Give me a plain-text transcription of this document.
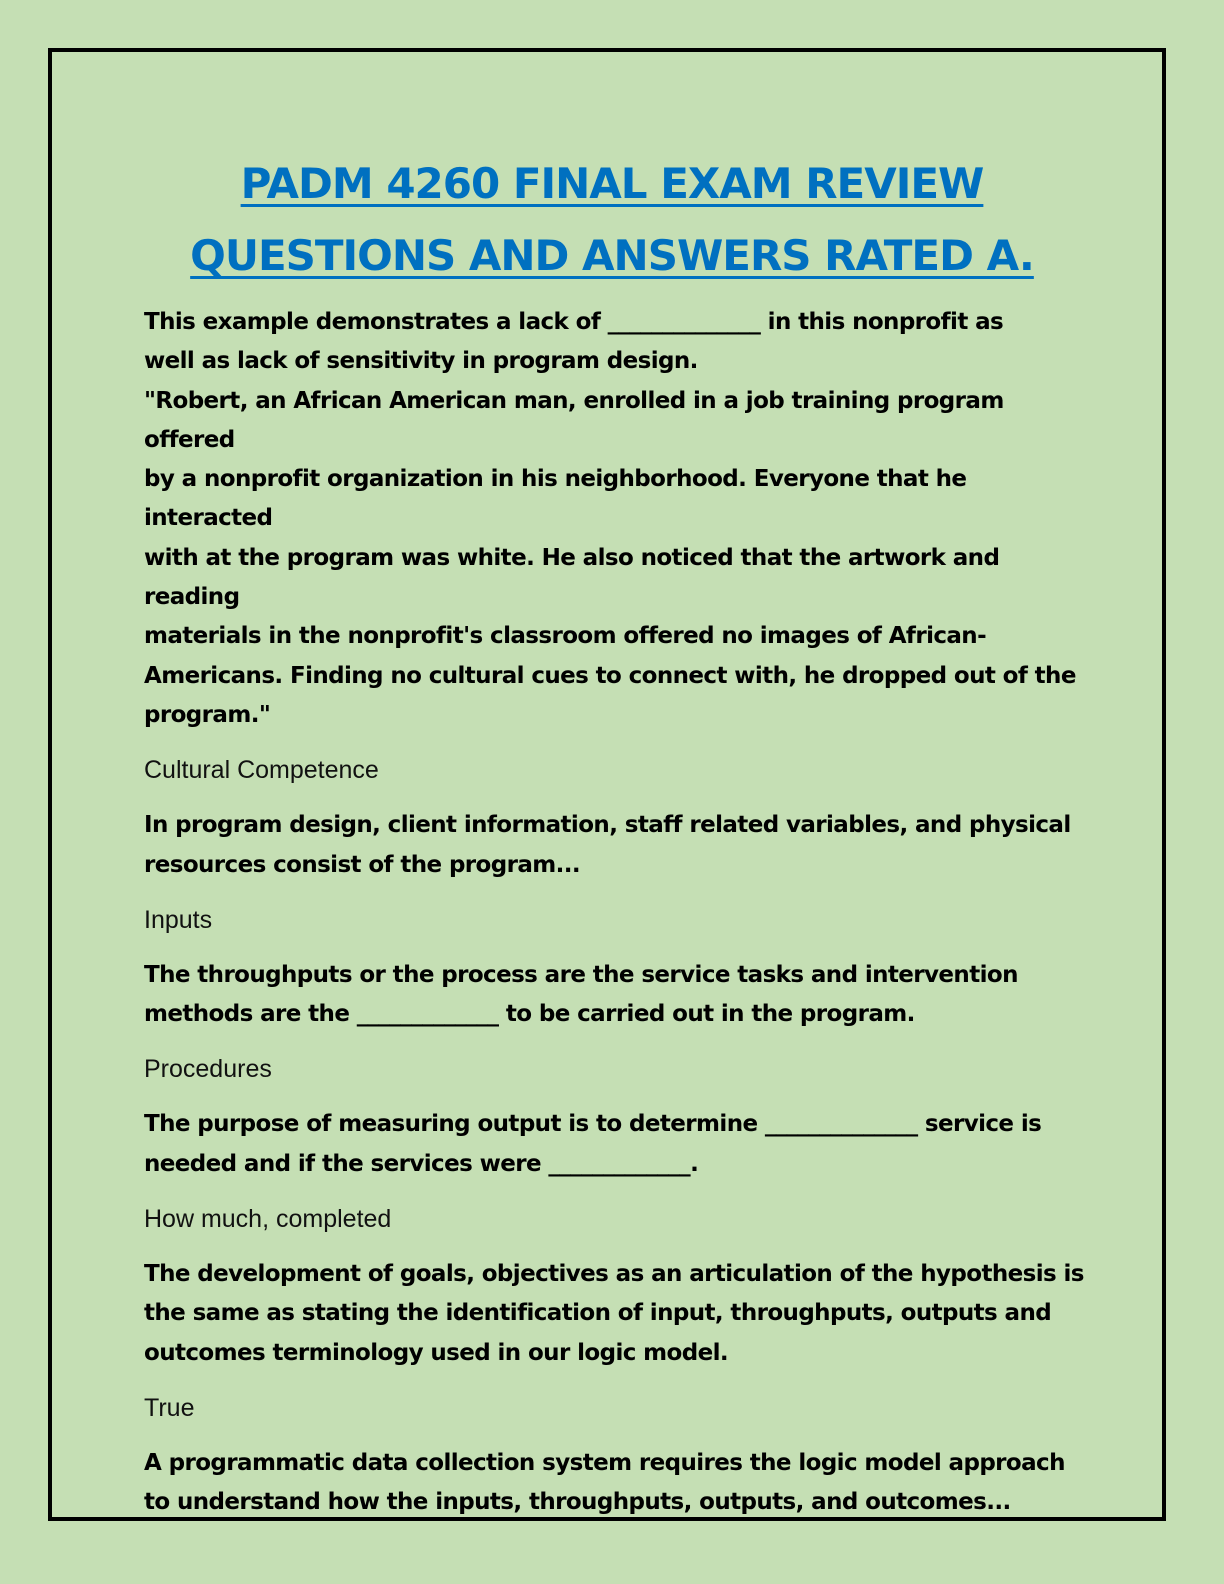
PADM 4260 FINAL EXAM REVIEW
QUESTIONS AND ANSWERS RATED A.

This example demonstrates a lack of ______________ in this nonprofit as
well as lack of sensitivity in program design.
"Robert, an African American man, enrolled in a job training program offered
by a nonprofit organization in his neighborhood. Everyone that he interacted
with at the program was white. He also noticed that the artwork and reading
materials in the nonprofit's classroom offered no images of African-
Americans. Finding no cultural cues to connect with, he dropped out of the
program."

Cultural Competence

In program design, client information, staff related variables, and physical
resources consist of the program...

Inputs

The throughputs or the process are the service tasks and intervention
methods are the _____________ to be carried out in the program.

Procedures

The purpose of measuring output is to determine ______________ service is
needed and if the services were _____________.

How much, completed

The development of goals, objectives as an articulation of the hypothesis is
the same as stating the identification of input, throughputs, outputs and
outcomes terminology used in our logic model.

True

A programmatic data collection system requires the logic model approach
to understand how the inputs, throughputs, outputs, and outcomes...
